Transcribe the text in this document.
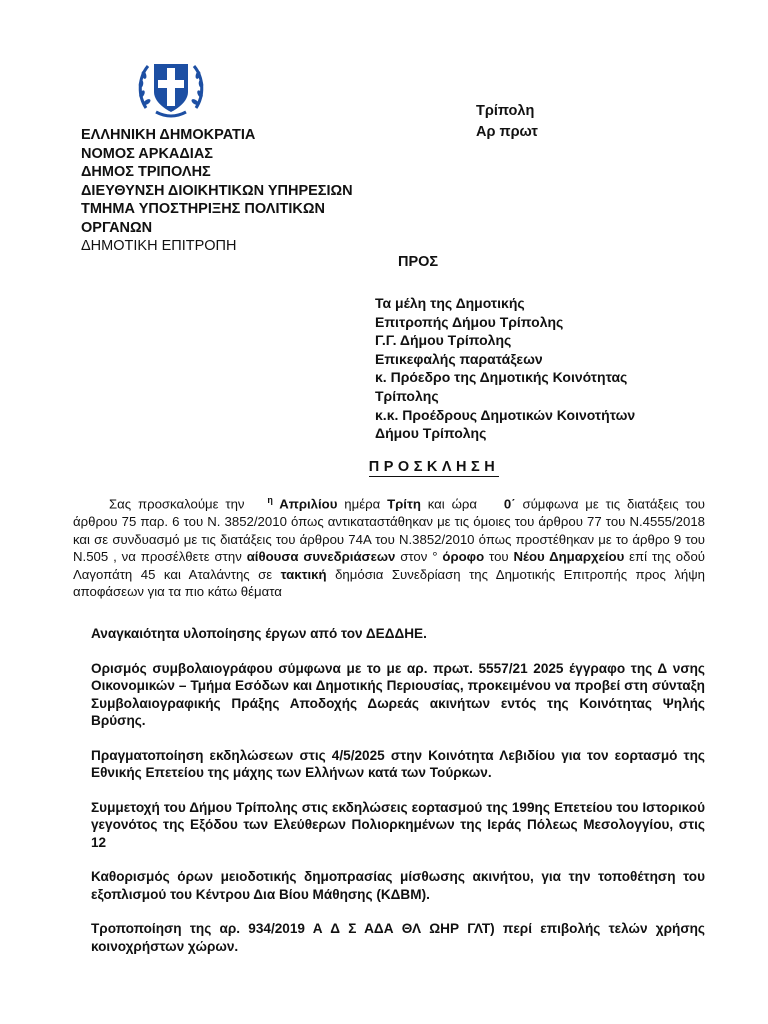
Τρίπολη
Αρ πρωτ
ΕΛΛΗΝΙΚΗ ΔΗΜΟΚΡΑΤΙΑ
ΝΟΜΟΣ ΑΡΚΑΔΙΑΣ
ΔΗΜΟΣ ΤΡΙΠΟΛΗΣ
ΔΙΕΥΘΥΝΣΗ ΔΙΟΙΚΗΤΙΚΩΝ ΥΠΗΡΕΣΙΩΝ
ΤΜΗΜΑ ΥΠΟΣΤΗΡΙΞΗΣ ΠΟΛΙΤΙΚΩΝ
ΟΡΓΑΝΩΝ
ΔΗΜΟΤΙΚΗ ΕΠΙΤΡΟΠΗ
ΠΡΟΣ
Τα μέλη της Δημοτικής
Επιτροπής Δήμου Τρίπολης
Γ.Γ. Δήμου Τρίπολης
Επικεφαλής παρατάξεων
κ. Πρόεδρο της Δημοτικής Κοινότητας
Τρίπολης
κ.κ. Προέδρους Δημοτικών Κοινοτήτων
Δήμου Τρίπολης
ΠΡΟΣΚΛΗΣΗ
Σας προσκαλούμε την $^\eta$ Απριλίου ημέρα Τρίτη και ώρα 0΄ σύμφωνα με τις διατάξεις του άρθρου 75 παρ. 6 του Ν. 3852/2010 όπως αντικαταστάθηκαν με τις όμοιες του άρθρου 77 του Ν.4555/2018 και σε συνδυασμό με τις διατάξεις του άρθρου 74Α του Ν.3852/2010 όπως προστέθηκαν με το άρθρο 9 του Ν.505 , να προσέλθετε στην αίθουσα συνεδριάσεων στον ° όροφο του Νέου Δημαρχείου επί της οδού Λαγοπάτη 45 και Αταλάντης σε τακτική δημόσια Συνεδρίαση της Δημοτικής Επιτροπής προς λήψη αποφάσεων για τα πιο κάτω θέματα
Αναγκαιότητα υλοποίησης έργων από τον ΔΕΔΔΗΕ.
Ορισμός συμβολαιογράφου σύμφωνα με το με αρ. πρωτ. 5557/21 2025 έγγραφο της Δ νσης Οικονομικών – Τμήμα Εσόδων και Δημοτικής Περιουσίας, προκειμένου να προβεί στη σύνταξη Συμβολαιογραφικής Πράξης Αποδοχής Δωρεάς ακινήτων εντός της Κοινότητας Ψηλής Βρύσης.
Πραγματοποίηση εκδηλώσεων στις 4/5/2025 στην Κοινότητα Λεβιδίου για τον εορτασμό της Εθνικής Επετείου της μάχης των Ελλήνων κατά των Τούρκων.
Συμμετοχή του Δήμου Τρίπολης στις εκδηλώσεις εορτασμού της 199ης Επετείου του Ιστορικού γεγονότος της Εξόδου των Ελεύθερων Πολιορκημένων της Ιεράς Πόλεως Μεσολογγίου, στις 12
Καθορισμός όρων μειοδοτικής δημοπρασίας μίσθωσης ακινήτου, για την τοποθέτηση του εξοπλισμού του Κέντρου Δια Βίου Μάθησης (ΚΔΒΜ).
Τροποποίηση της αρ. 934/2019 Α Δ Σ ΑΔΑ ΘΛ ΩΗΡ ΓΛΤ) περί επιβολής τελών χρήσης κοινοχρήστων χώρων.
